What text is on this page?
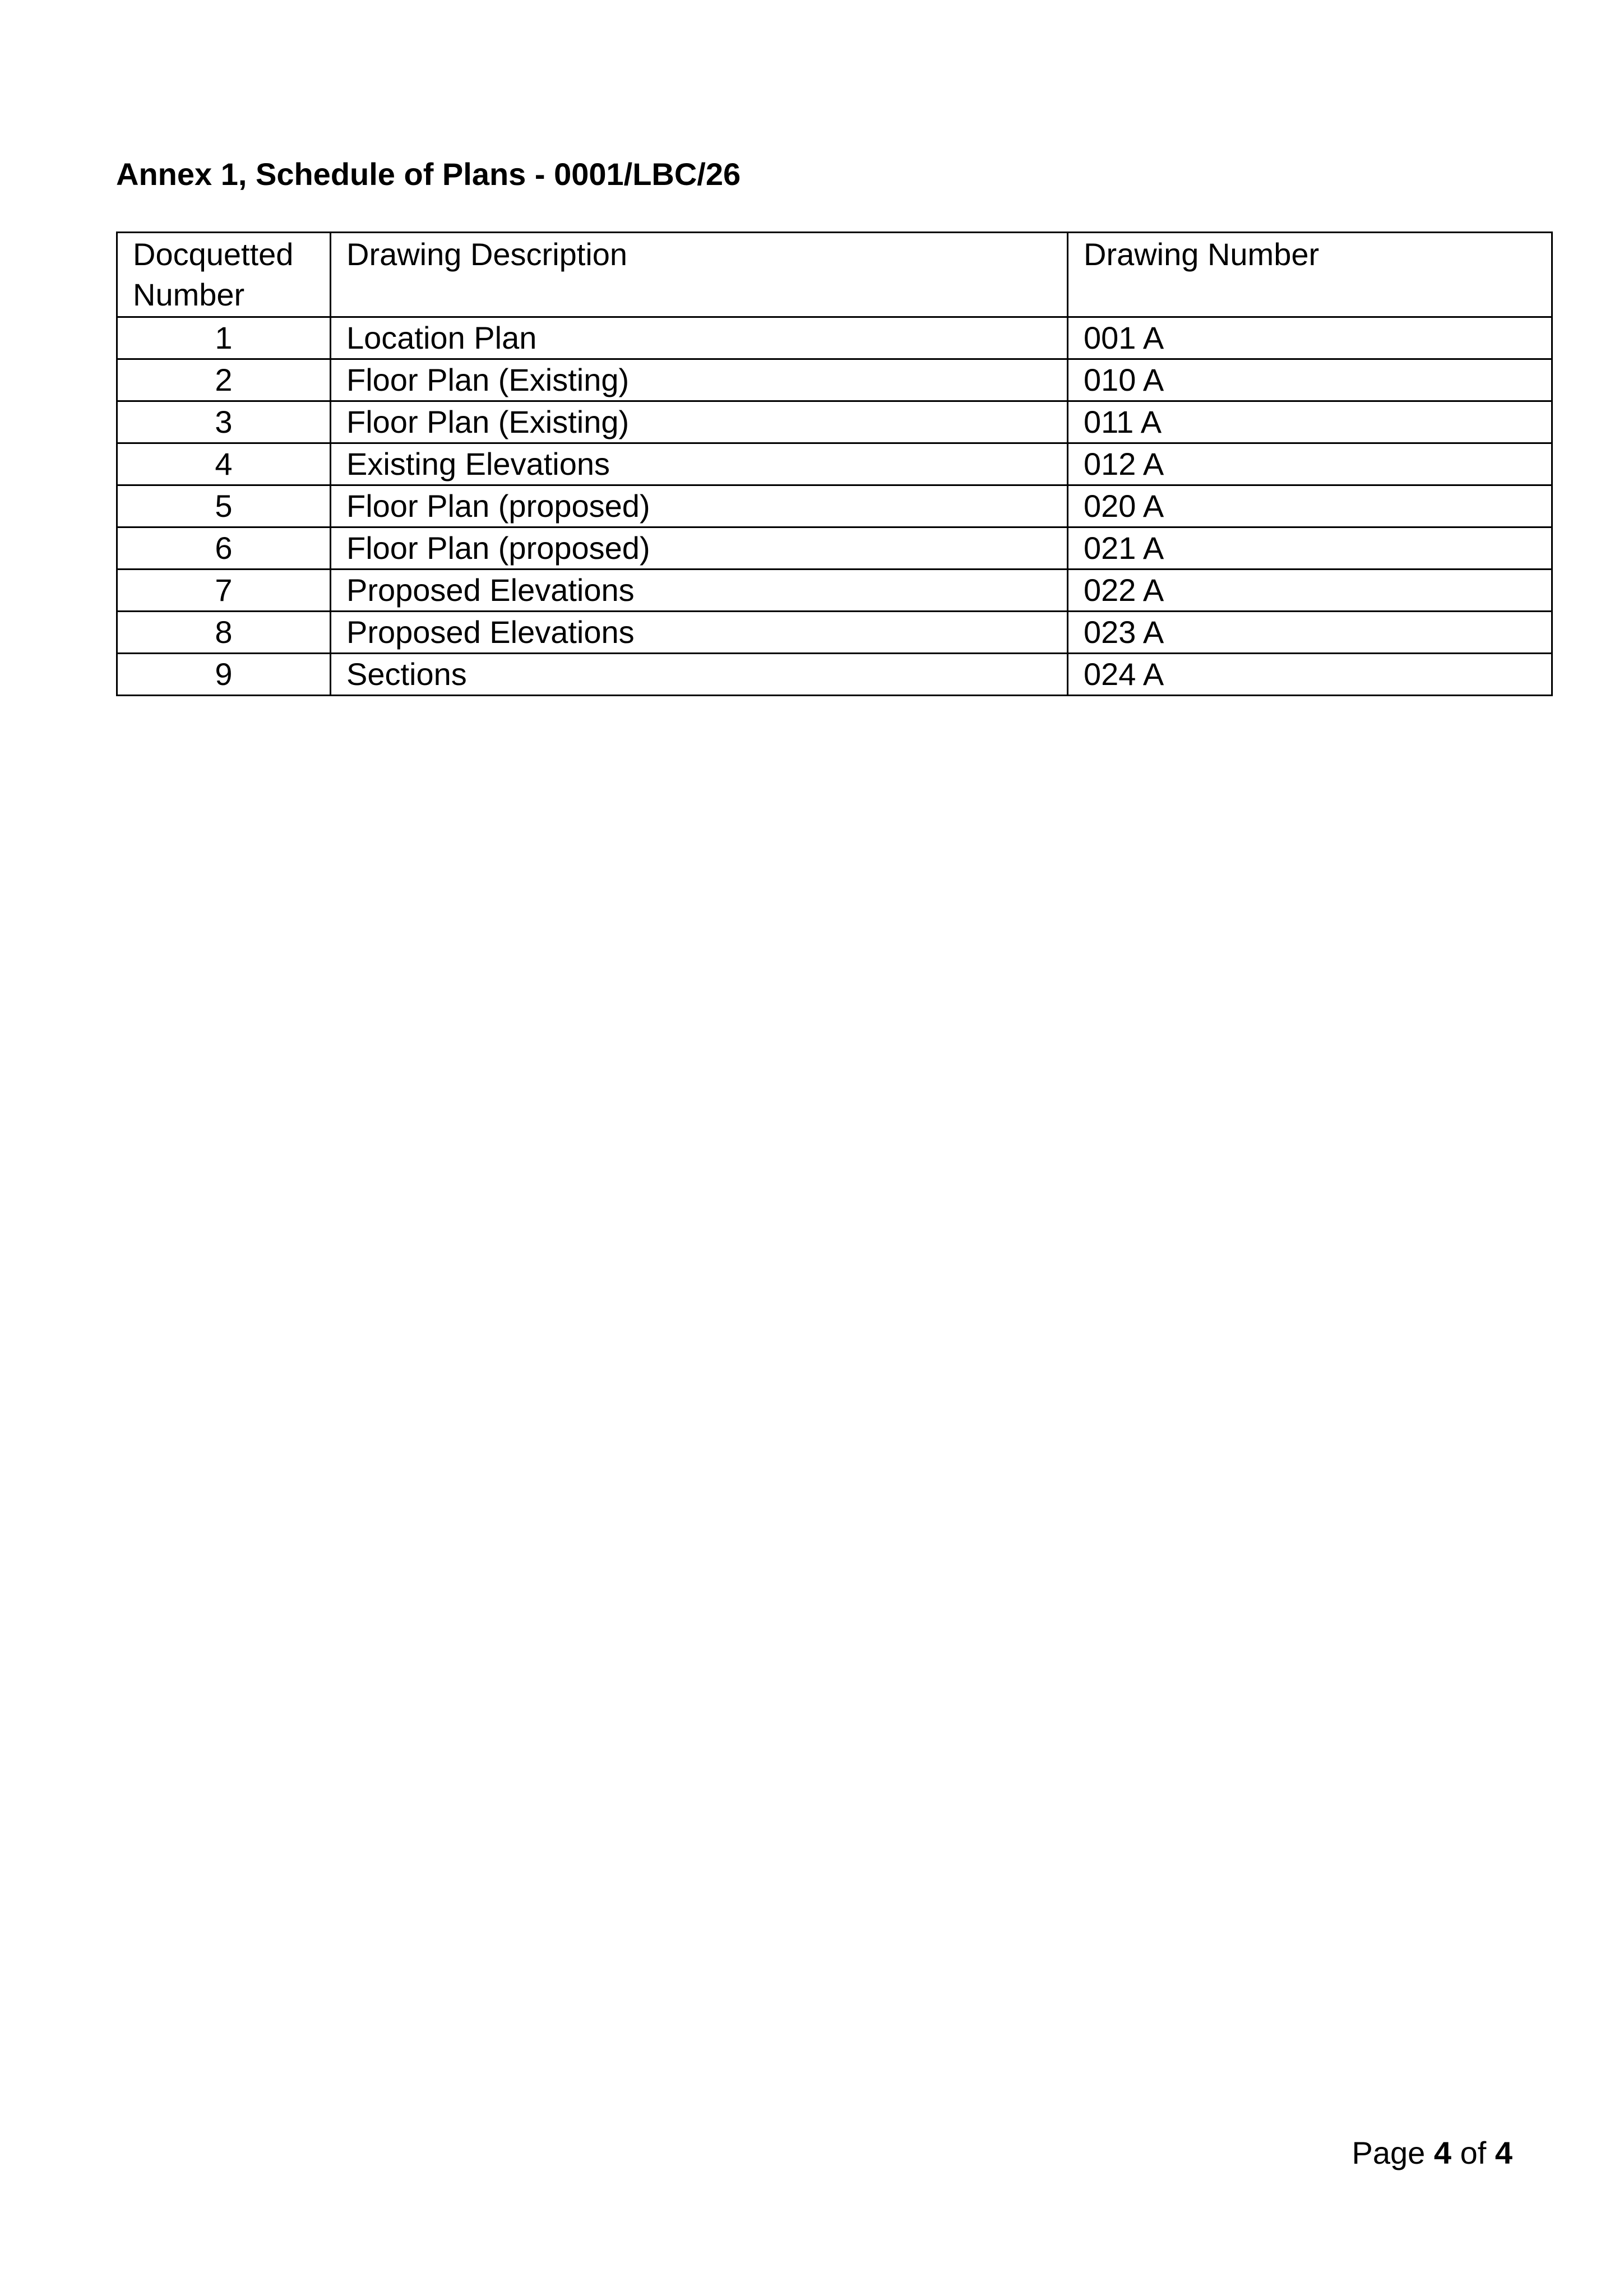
Annex 1, Schedule of Plans - 0001/LBC/26
Docquetted Number	Drawing Description	Drawing Number
1	Location Plan	001 A
2	Floor Plan (Existing)	010 A
3	Floor Plan (Existing)	011 A
4	Existing Elevations	012 A
5	Floor Plan (proposed)	020 A
6	Floor Plan (proposed)	021 A
7	Proposed Elevations	022 A
8	Proposed Elevations	023 A
9	Sections	024 A
Page 4 of 4
